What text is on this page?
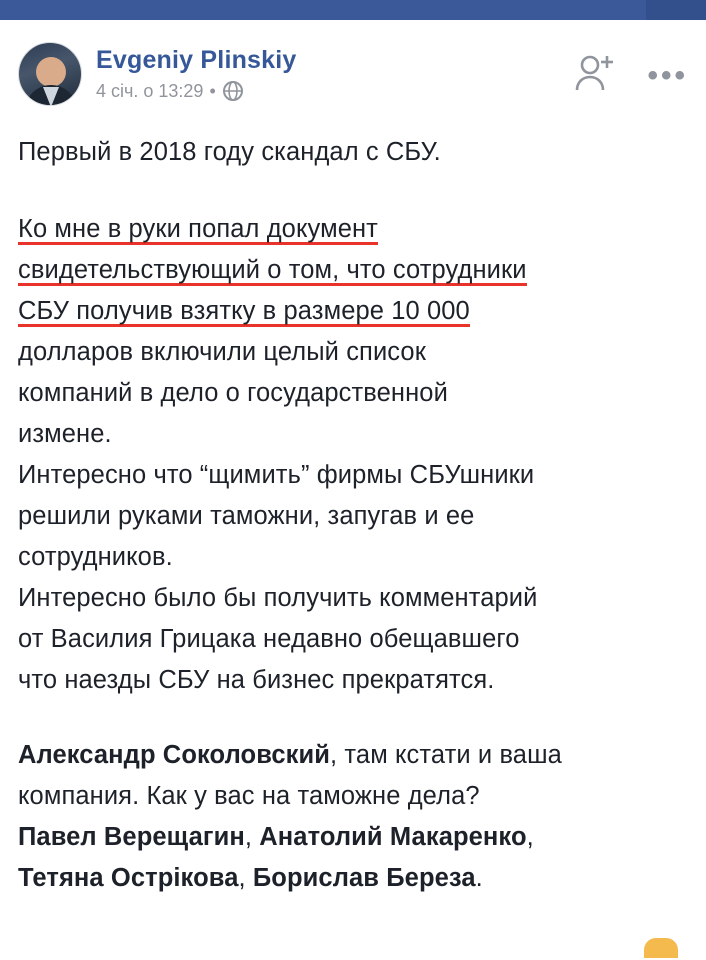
Evgeniy Plinskiy
4 січ. о 13:29 •	•••

Первый в 2018 году скандал с СБУ.

Ко мне в руки попал документ

свидетельствующий о том, что сотрудники

СБУ получив взятку в размере 10 000

долларов включили целый список

компаний в дело о государственной

измене.

Интересно что “щимить” фирмы СБУшники

решили руками таможни, запугав и ее

сотрудников.

Интересно было бы получить комментарий

от Василия Грицака недавно обещавшего

что наезды СБУ на бизнес прекратятся.

Александр Соколовский, там кстати и ваша

компания. Как у вас на таможне дела?

Павел Верещагин, Анатолий Макаренко,

Тетяна Острікова, Борислав Береза.
